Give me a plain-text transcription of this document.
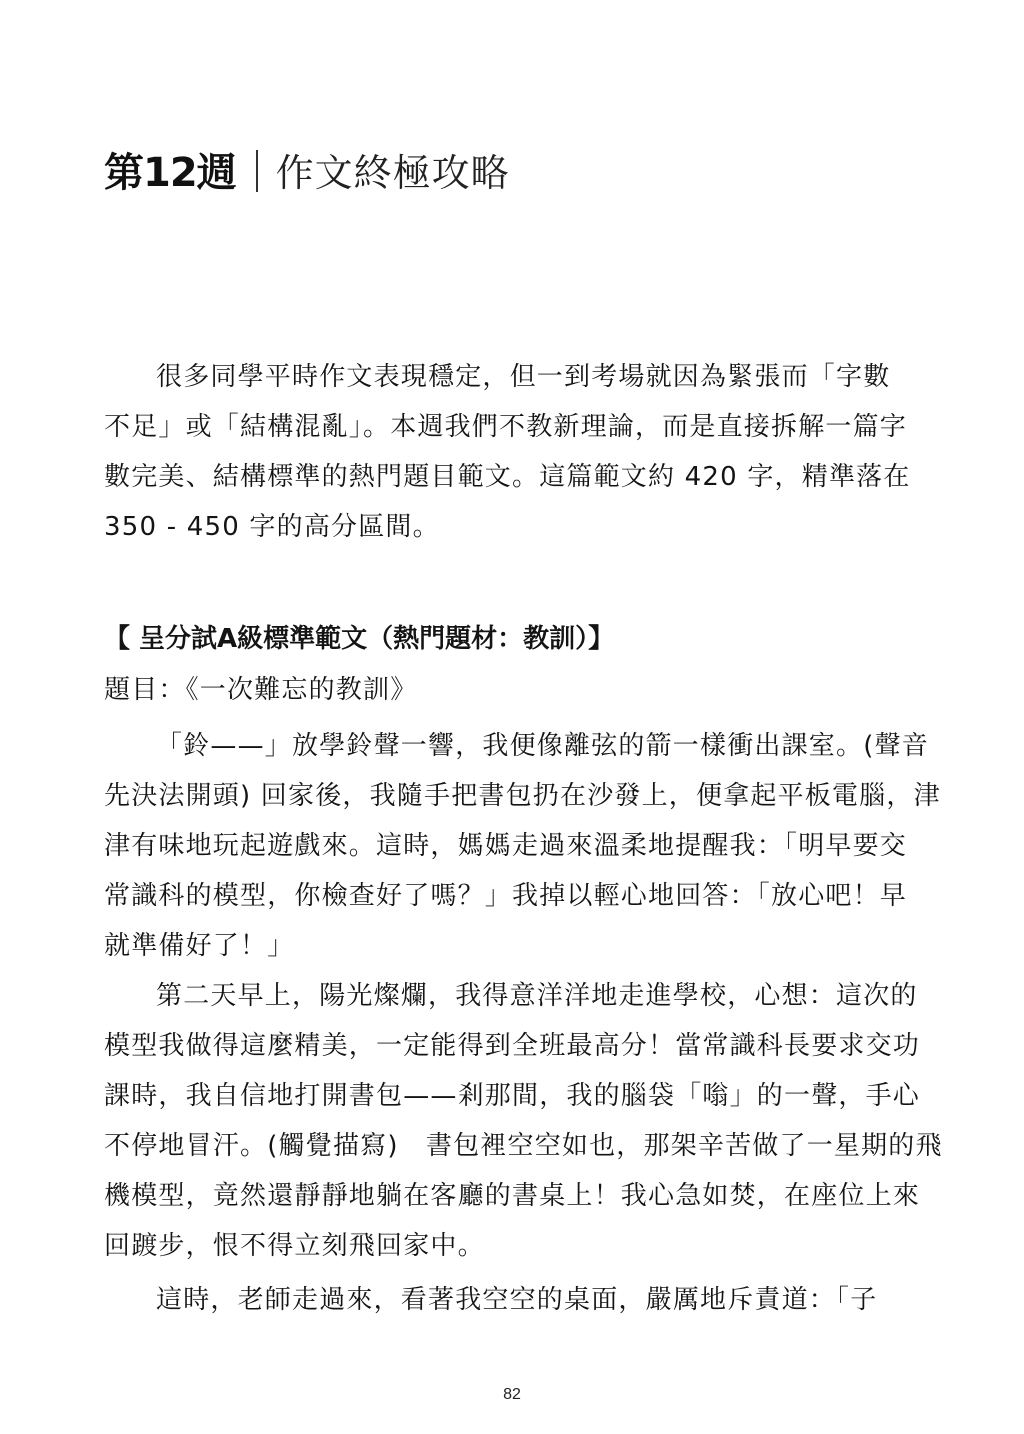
第12週 作文終極攻略
很多同學平時作文表現穩定，但一到考場就因為緊張而「字數
不足」或「結構混亂」。本週我們不教新理論，而是直接拆解一篇字
數完美、結構標準的熱門題目範文。這篇範文約 420 字，精準落在
350 - 450 字的高分區間。
【 呈分試A級標準範文（熱門題材：教訓）】
題目：《一次難忘的教訓》
「鈴——」放學鈴聲一響，我便像離弦的箭一樣衝出課室。(聲音
先決法開頭) 回家後，我隨手把書包扔在沙發上，便拿起平板電腦，津
津有味地玩起遊戲來。這時，媽媽走過來溫柔地提醒我：「明早要交
常識科的模型，你檢查好了嗎？」我掉以輕心地回答：「放心吧！早
就準備好了！」
第二天早上，陽光燦爛，我得意洋洋地走進學校，心想：這次的
模型我做得這麼精美，一定能得到全班最高分！當常識科長要求交功
課時，我自信地打開書包——剎那間，我的腦袋「嗡」的一聲，手心
不停地冒汗。(觸覺描寫)　書包裡空空如也，那架辛苦做了一星期的飛
機模型，竟然還靜靜地躺在客廳的書桌上！我心急如焚，在座位上來
回踱步，恨不得立刻飛回家中。
這時，老師走過來，看著我空空的桌面，嚴厲地斥責道：「子
82
